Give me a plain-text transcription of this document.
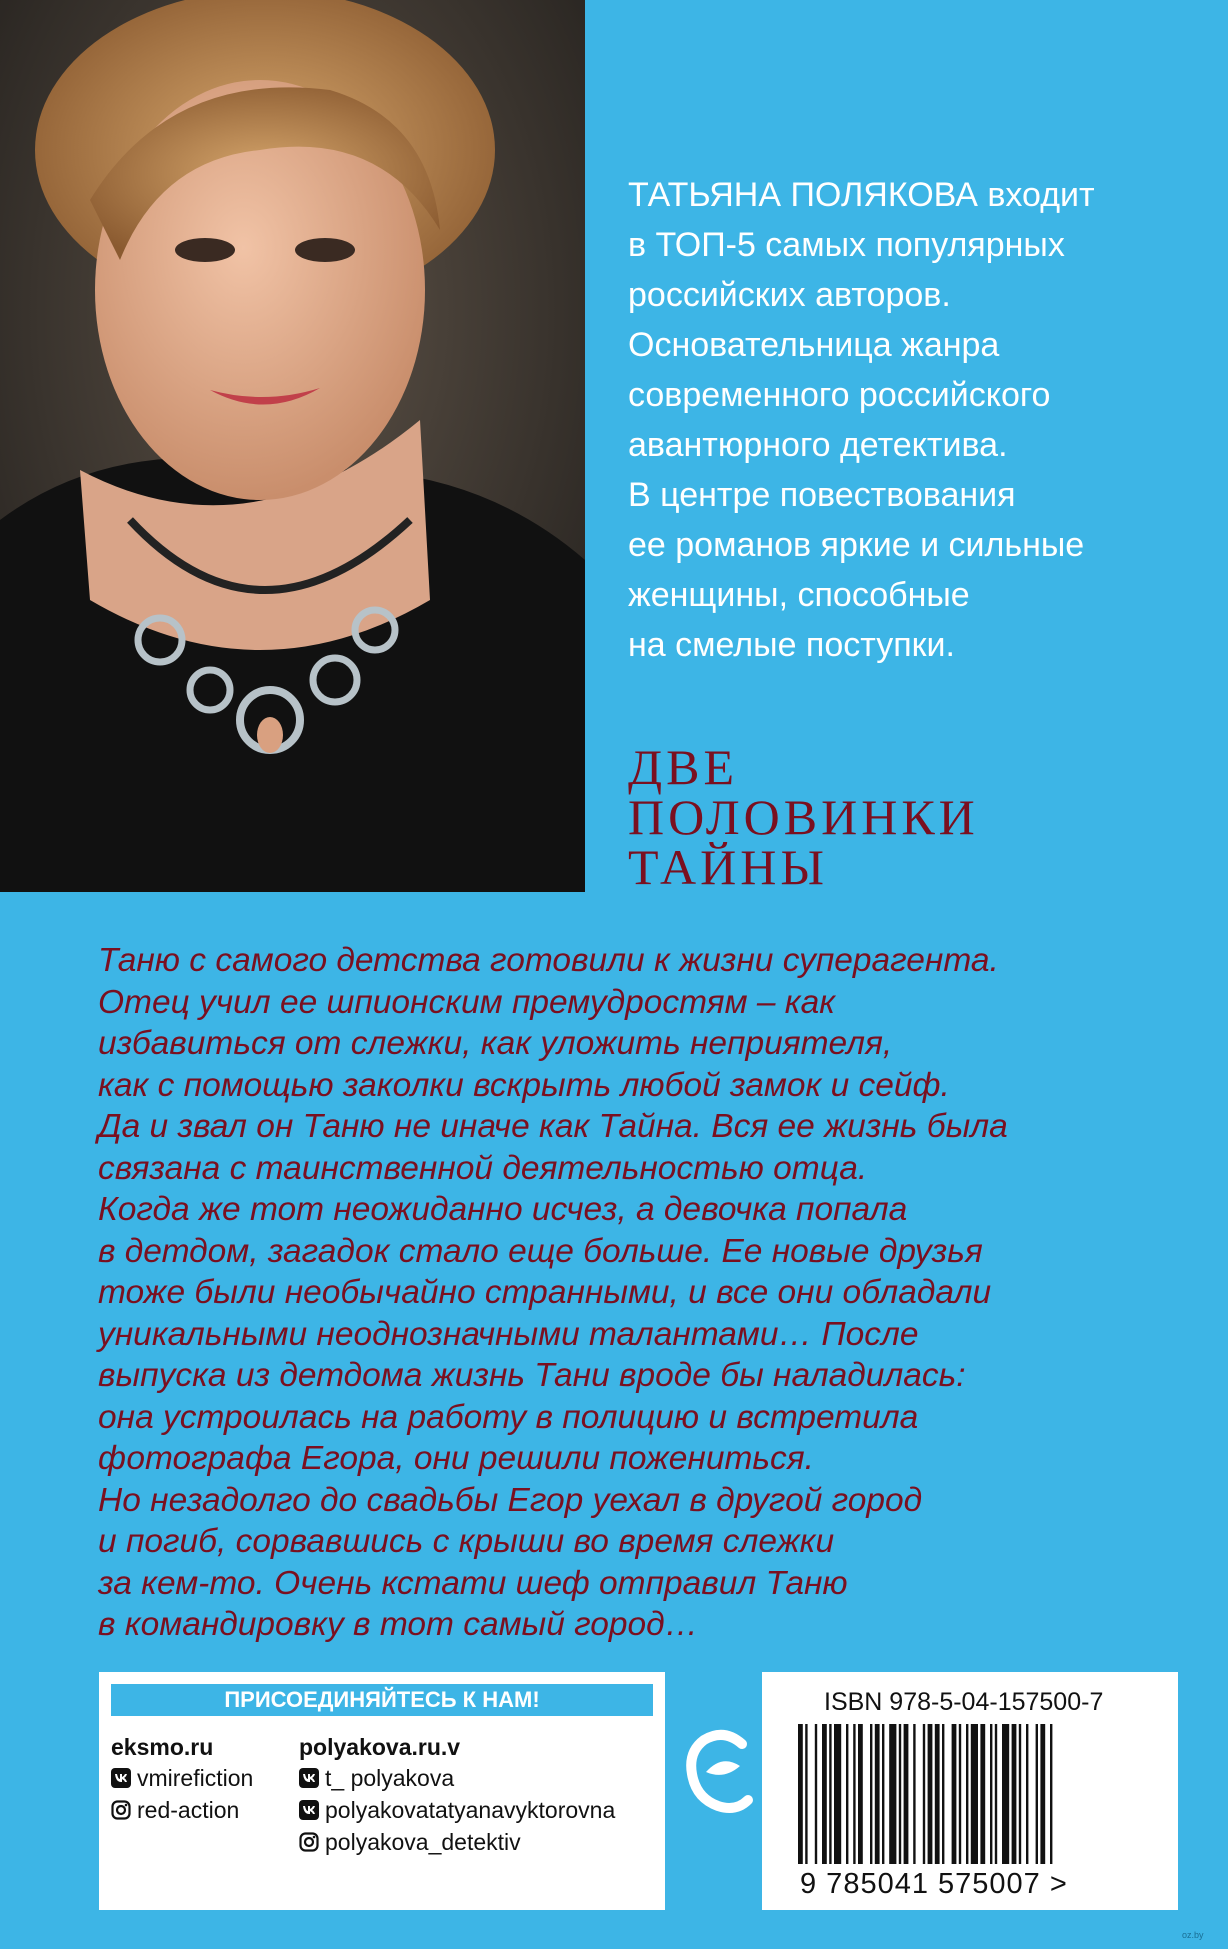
ТАТЬЯНА ПОЛЯКОВА входит
в ТОП-5 самых популярных
российских авторов.
Основательница жанра
современного российского
авантюрного детектива.
В центре повествования
ее романов яркие и сильные
женщины, способные
на смелые поступки.

ДВЕ
ПОЛОВИНКИ
ТАЙНЫ

Таню с самого детства готовили к жизни суперагента.
Отец учил ее шпионским премудростям – как
избавиться от слежки, как уложить неприятеля,
как с помощью заколки вскрыть любой замок и сейф.
Да и звал он Таню не иначе как Тайна. Вся ее жизнь была
связана с таинственной деятельностью отца.
Когда же тот неожиданно исчез, а девочка попала
в детдом, загадок стало еще больше. Ее новые друзья
тоже были необычайно странными, и все они обладали
уникальными неоднозначными талантами… После
выпуска из детдома жизнь Тани вроде бы наладилась:
она устроилась на работу в полицию и встретила
фотографа Егора, они решили пожениться.
Но незадолго до свадьбы Егор уехал в другой город
и погиб, сорвавшись с крыши во время слежки
за кем-то. Очень кстати шеф отправил Таню
в командировку в тот самый город…

ПРИСОЕДИНЯЙТЕСЬ К НАМ!
eksmo.ru
vmirefiction
red-action
polyakova.ru.v
t_ polyakova
polyakovatatyanavyktorovna
polyakova_detektiv
ISBN 978-5-04-157500-7
9 785041 575007 >
oz.by
